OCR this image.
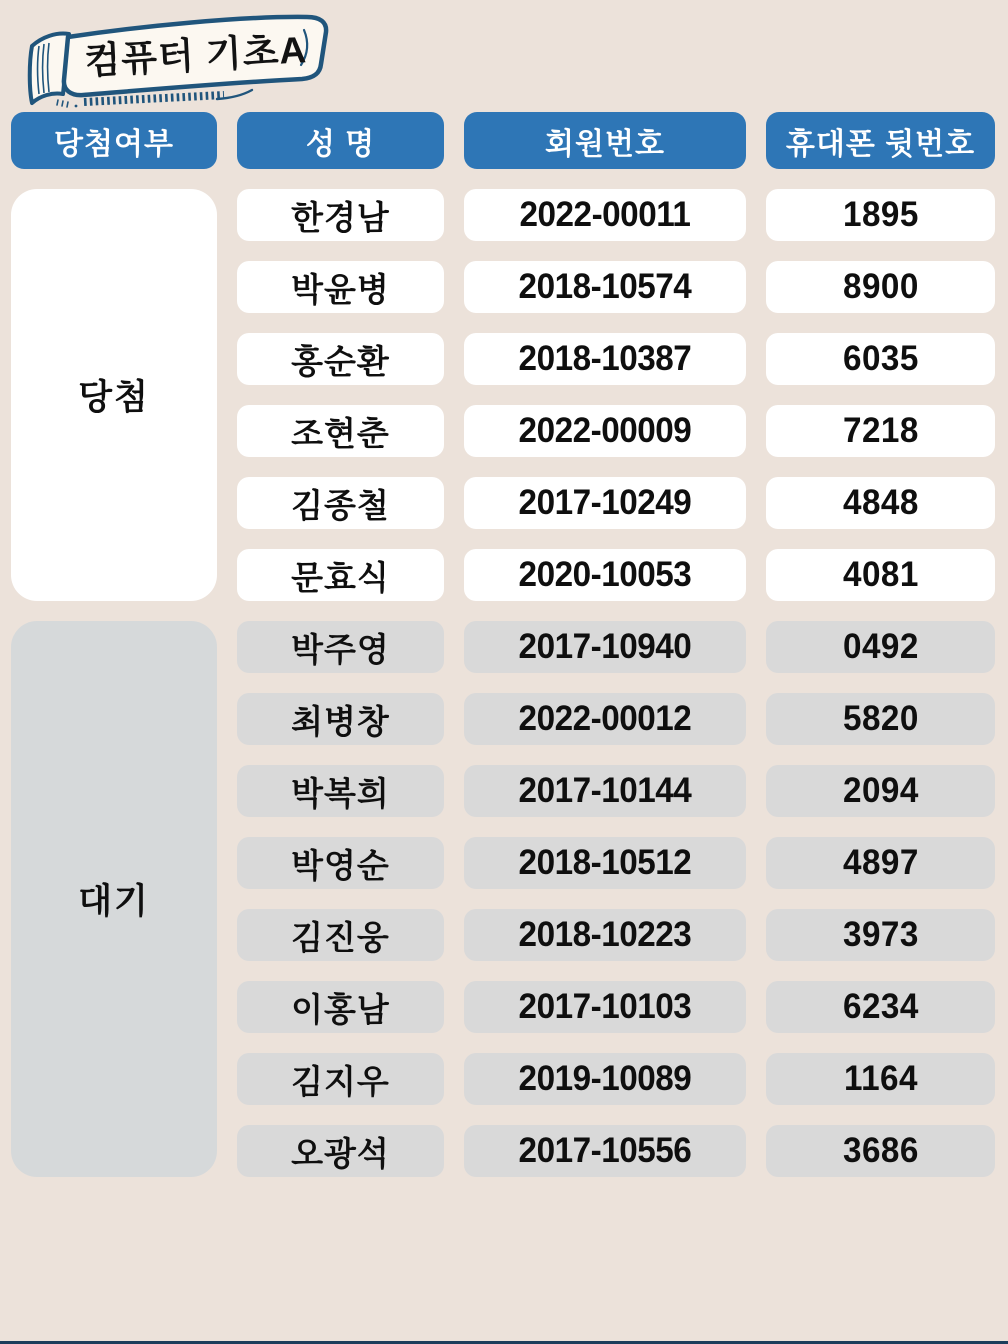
컴퓨터 기초A
당첨여부	성 명	회원번호	휴대폰 뒷번호
당첨
한경남	2022-00011	1895
박윤병	2018-10574	8900
홍순환	2018-10387	6035
조현춘	2022-00009	7218
김종철	2017-10249	4848
문효식	2020-10053	4081
대기
박주영	2017-10940	0492
최병창	2022-00012	5820
박복희	2017-10144	2094
박영순	2018-10512	4897
김진웅	2018-10223	3973
이홍남	2017-10103	6234
김지우	2019-10089	1164
오광석	2017-10556	3686
